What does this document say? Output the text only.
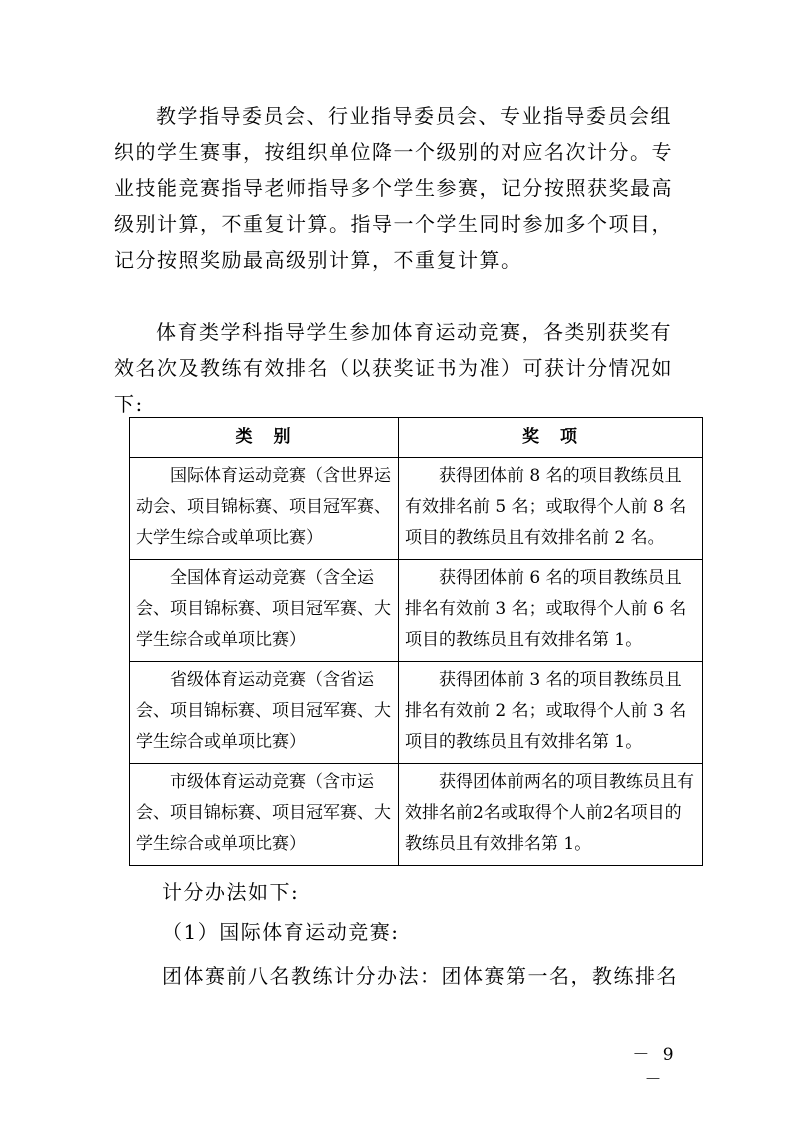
教学指导委员会、行业指导委员会、专业指导委员会组织的学生赛事，按组织单位降一个级别的对应名次计分。专业技能竞赛指导老师指导多个学生参赛，记分按照获奖最高级别计算，不重复计算。指导一个学生同时参加多个项目，记分按照奖励最高级别计算，不重复计算。

体育类学科指导学生参加体育运动竞赛，各类别获奖有效名次及教练有效排名（以获奖证书为准）可获计分情况如下:

类　别	奖　项
国际体育运动竞赛（含世界运动会、项目锦标赛、项目冠军赛、大学生综合或单项比赛）	获得团体前 8 名的项目教练员且有效排名前 5 名；或取得个人前 8 名项目的教练员且有效排名前 2 名。
全国体育运动竞赛（含全运会、项目锦标赛、项目冠军赛、大学生综合或单项比赛）	获得团体前 6 名的项目教练员且排名有效前 3 名；或取得个人前 6 名项目的教练员且有效排名第 1。
省级体育运动竞赛（含省运会、项目锦标赛、项目冠军赛、大学生综合或单项比赛）	获得团体前 3 名的项目教练员且排名有效前 2 名；或取得个人前 3 名项目的教练员且有效排名第 1。
市级体育运动竞赛（含市运会、项目锦标赛、项目冠军赛、大学生综合或单项比赛）	获得团体前两名的项目教练员且有效排名前2名或取得个人前2名项目的教练员且有效排名第 1。

计分办法如下:

（1）国际体育运动竞赛:

团体赛前八名教练计分办法：团体赛第一名，教练排名

－ 9 －
